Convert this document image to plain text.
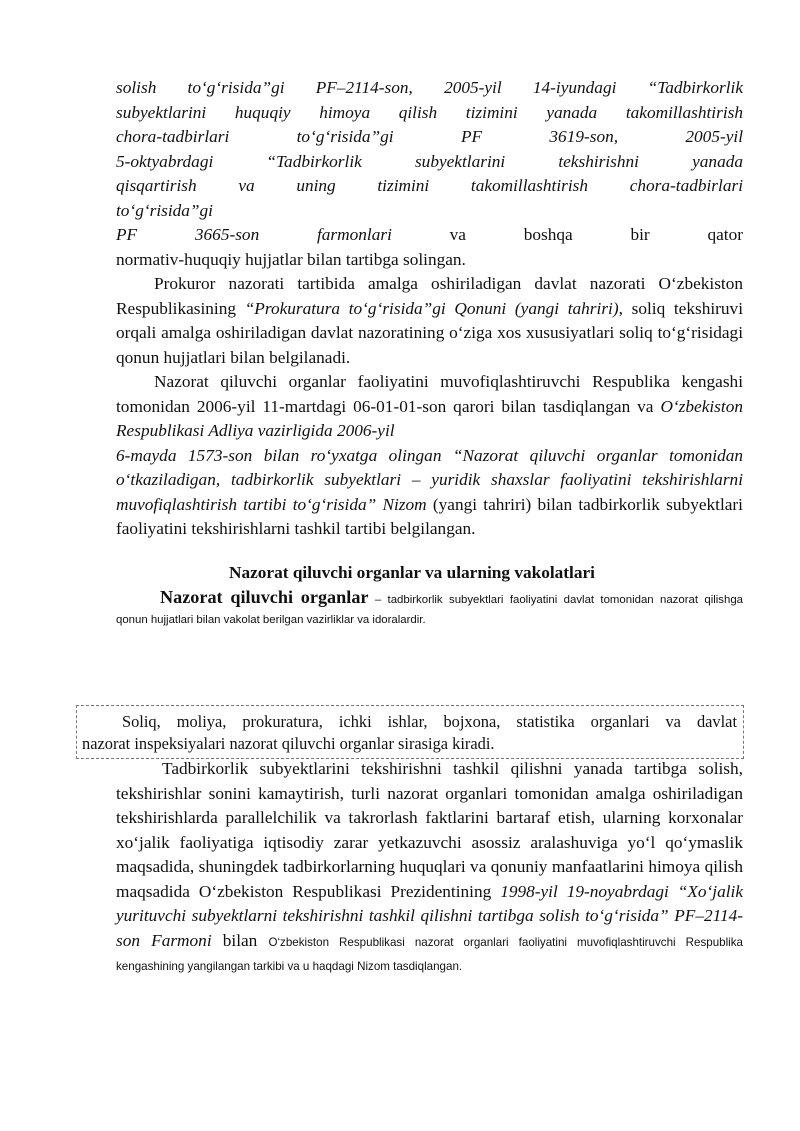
solish to‘g‘risida”gi PF–2114-son, 2005-yil 14-iyundagi “Tadbirkorlik
subyektlarini huquqiy himoya qilish tizimini yanada takomillashtirish
chora-tadbirlari to‘g‘risida”gi PF 3619-son, 2005-yil
5-oktyabrdagi “Tadbirkorlik subyektlarini tekshirishni yanada
qisqartirish va uning tizimini takomillashtirish chora-tadbirlari
to‘g‘risida”gi
PF 3665-son farmonlari va boshqa bir qator
normativ-huquqiy hujjatlar bilan tartibga solingan.

Prokuror nazorati tartibida amalga oshiriladigan davlat nazorati O‘zbekiston Respublikasining “Prokuratura to‘g‘risida”gi Qonuni (yangi tahriri), soliq tekshiruvi orqali amalga oshiriladigan davlat nazoratining o‘ziga xos xususiyatlari soliq to‘g‘risidagi qonun hujjatlari bilan belgilanadi.

Nazorat qiluvchi organlar faoliyatini muvofiqlashtiruvchi Respublika kengashi tomonidan 2006-yil 11-martdagi 06-01-01-son qarori bilan tasdiqlangan va O‘zbekiston Respublikasi Adliya vazirligida 2006-yil
6-mayda 1573-son bilan ro‘yxatga olingan “Nazorat qiluvchi organlar tomonidan o‘tkaziladigan, tadbirkorlik subyektlari – yuridik shaxslar faoliyatini tekshirishlarni muvofiqlashtirish tartibi to‘g‘risida” Nizom (yangi tahriri) bilan tadbirkorlik subyektlari faoliyatini tekshirishlarni tashkil tartibi belgilangan.

Nazorat qiluvchi organlar va ularning vakolatlari

Nazorat qiluvchi organlar – tadbirkorlik subyektlari faoliyatini davlat tomonidan nazorat qilishga qonun hujjatlari bilan vakolat berilgan vazirliklar va idoralardir.

Soliq, moliya, prokuratura, ichki ishlar, bojxona, statistika organlari va davlat

nazorat inspeksiyalari nazorat qiluvchi organlar sirasiga kiradi.

Tadbirkorlik subyektlarini tekshirishni tashkil qilishni yanada tartibga solish, tekshirishlar sonini kamaytirish, turli nazorat organlari tomonidan amalga oshiriladigan tekshirishlarda parallelchilik va takrorlash faktlarini bartaraf etish, ularning korxonalar xo‘jalik faoliyatiga iqtisodiy zarar yetkazuvchi asossiz aralashuviga yo‘l qo‘ymaslik maqsadida, shuningdek tadbirkorlarning huquqlari va qonuniy manfaatlarini himoya qilish maqsadida O‘zbekiston Respublikasi Prezidentining 1998-yil 19-noyabrdagi “Xo‘jalik yurituvchi subyektlarni tekshirishni tashkil qilishni tartibga solish to‘g‘risida” PF–2114-son Farmoni bilan O‘zbekiston Respublikasi nazorat organlari faoliyatini muvofiqlashtiruvchi Respublika kengashining yangilangan tarkibi va u haqdagi Nizom tasdiqlangan.
